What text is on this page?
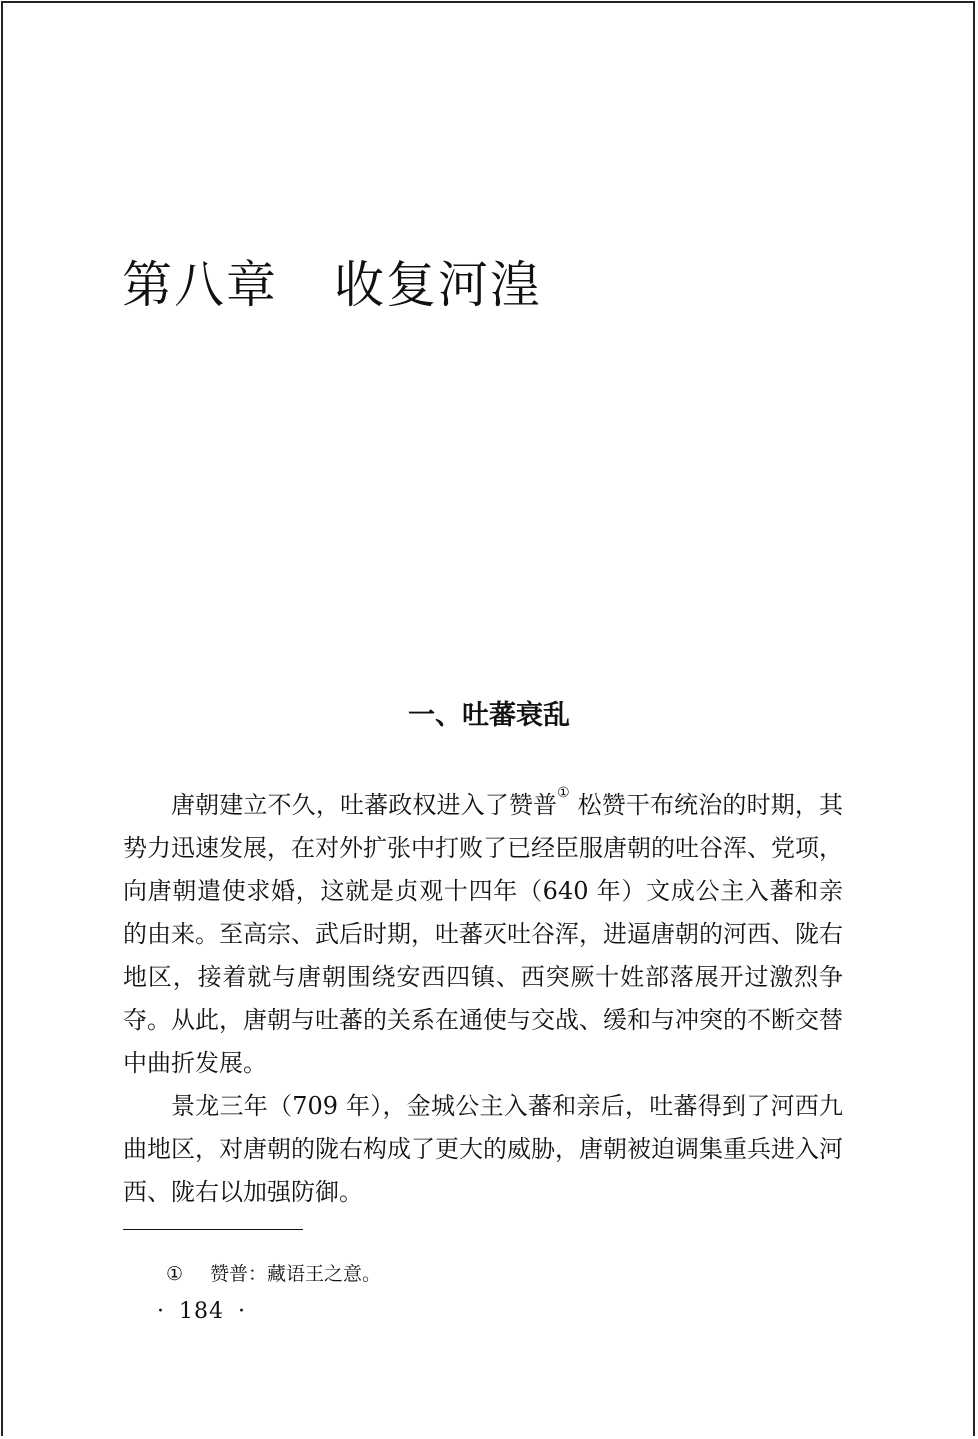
第八章 收复河湟
一、吐蕃衰乱

唐朝建立不久，吐蕃政权进入了赞普① 松赞干布统治的时期，其势力迅速发展，在对外扩张中打败了已经臣服唐朝的吐谷浑、党项，向唐朝遣使求婚，这就是贞观十四年（640 年）文成公主入蕃和亲的由来。至高宗、武后时期，吐蕃灭吐谷浑，进逼唐朝的河西、陇右地区，接着就与唐朝围绕安西四镇、西突厥十姓部落展开过激烈争夺。从此，唐朝与吐蕃的关系在通使与交战、缓和与冲突的不断交替中曲折发展。

景龙三年（709 年），金城公主入蕃和亲后，吐蕃得到了河西九曲地区，对唐朝的陇右构成了更大的威胁，唐朝被迫调集重兵进入河西、陇右以加强防御。

① 赞普：藏语王之意。
· 184 ·
